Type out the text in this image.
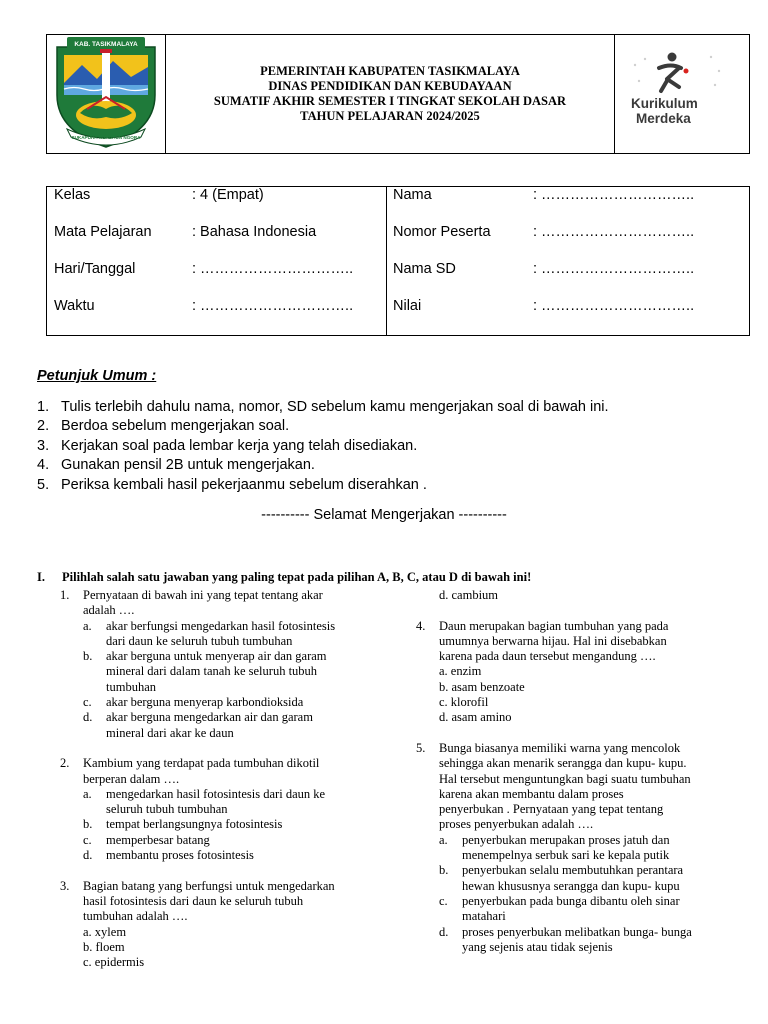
KAB. TASIKMALAYA
SUKAPURA NGADAUN NGORA
PEMERINTAH KABUPATEN TASIKMALAYA
DINAS PENDIDIKAN DAN KEBUDAYAAN
SUMATIF AKHIR SEMESTER I TINGKAT SEKOLAH DASAR
TAHUN PELAJARAN 2024/2025
Kurikulum
Merdeka
Kelas	: 4 (Empat)
Mata Pelajaran	: Bahasa Indonesia
Hari/Tanggal	: …………………………..
Waktu	: …………………………..
Nama	: …………………………..
Nomor Peserta	: …………………………..
Nama SD	: …………………………..
Nilai	: …………………………..
Petunjuk Umum :
1. Tulis terlebih dahulu nama, nomor, SD sebelum kamu mengerjakan soal di bawah ini.
2. Berdoa sebelum mengerjakan soal.
3. Kerjakan soal pada lembar kerja yang telah disediakan.
4. Gunakan pensil 2B untuk mengerjakan.
5. Periksa kembali hasil pekerjaanmu sebelum diserahkan .
---------- Selamat Mengerjakan ----------
I. Pilihlah salah satu jawaban yang paling tepat pada pilihan A, B, C, atau D di bawah ini!
1. Pernyataan di bawah ini yang tepat tentang akar
adalah ….
a. akar berfungsi mengedarkan hasil fotosintesis
dari daun ke seluruh tubuh tumbuhan
b. akar berguna untuk menyerap air dan garam
mineral dari dalam tanah ke seluruh tubuh
tumbuhan
c. akar berguna menyerap karbondioksida
d. akar berguna mengedarkan air dan garam
mineral dari akar ke daun
2. Kambium yang terdapat pada tumbuhan dikotil
berperan dalam ….
a. mengedarkan hasil fotosintesis dari daun ke
seluruh tubuh tumbuhan
b. tempat berlangsungnya fotosintesis
c. memperbesar batang
d. membantu proses fotosintesis
3. Bagian batang yang berfungsi untuk mengedarkan
hasil fotosintesis dari daun ke seluruh tubuh
tumbuhan adalah ….
a. xylem
b. floem
c. epidermis
d. cambium
4. Daun merupakan bagian tumbuhan yang pada
umumnya berwarna hijau. Hal ini disebabkan
karena pada daun tersebut mengandung ….
a. enzim
b. asam benzoate
c. klorofil
d. asam amino
5. Bunga biasanya memiliki warna yang mencolok
sehingga akan menarik serangga dan kupu- kupu.
Hal tersebut menguntungkan bagi suatu tumbuhan
karena akan membantu dalam proses
penyerbukan . Pernyataan yang tepat tentang
proses penyerbukan adalah ….
a. penyerbukan merupakan proses jatuh dan
menempelnya serbuk sari ke kepala putik
b. penyerbukan selalu membutuhkan perantara
hewan khususnya serangga dan kupu- kupu
c. penyerbukan pada bunga dibantu oleh sinar
matahari
d. proses penyerbukan melibatkan bunga- bunga
yang sejenis atau tidak sejenis
